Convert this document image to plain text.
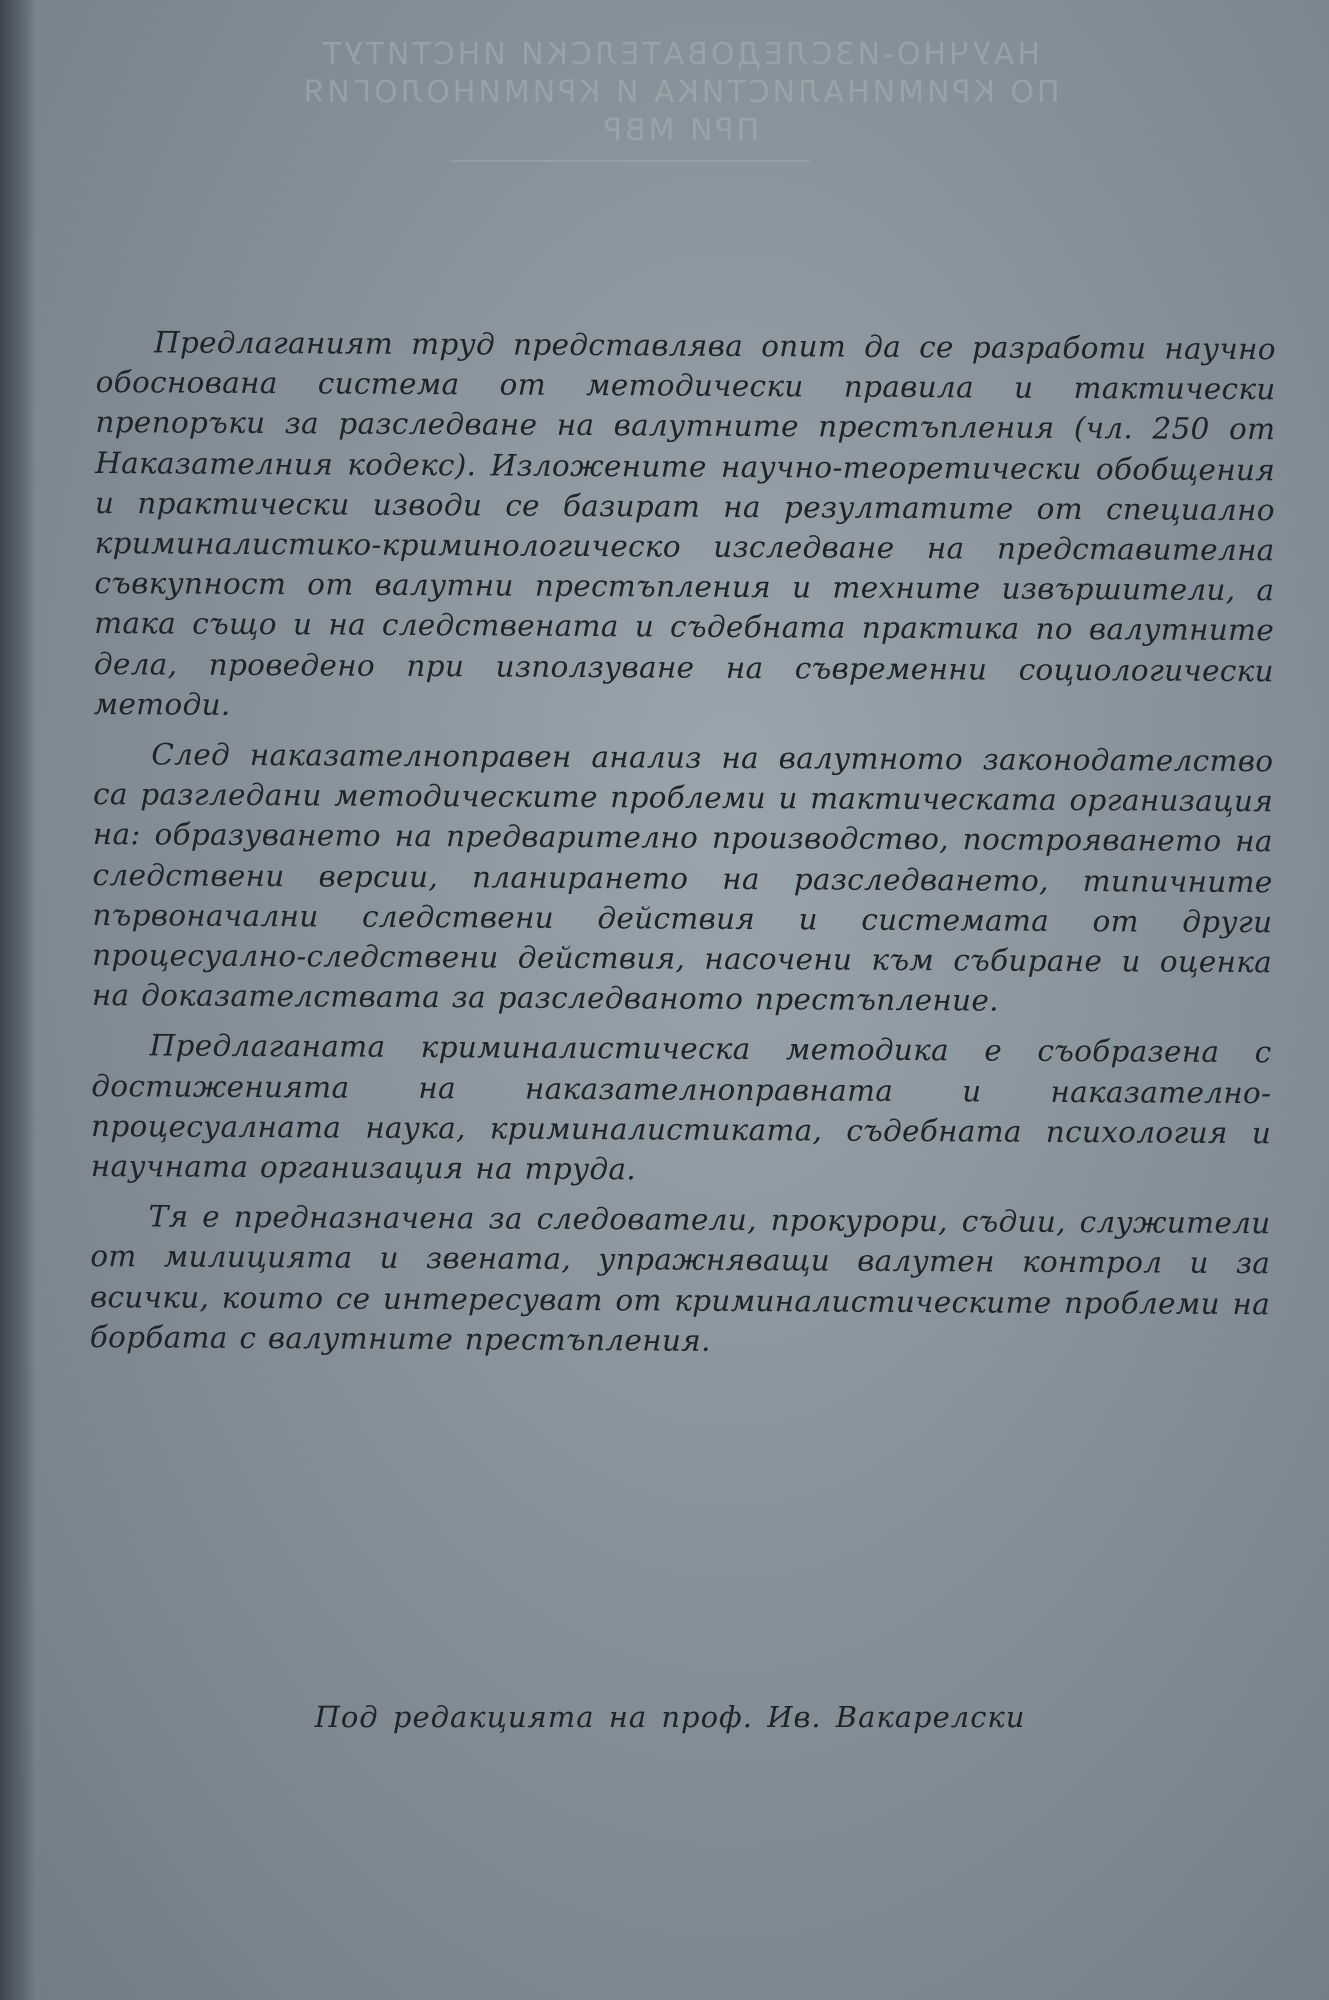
НАУЧНО-ИЗСЛЕДОВАТЕЛСКИ ИНСТИТУТ
ПО КРИМИНАЛИСТИКА И КРИМИНОЛОГИЯ
ПРИ МВР

Предлаганият труд представлява опит да се разработи научно обоснована система от методически правила и тактически препоръки за разследване на валутните престъпления (чл. 250 от Наказателния кодекс). Изложените научно-теоретически обобщения и практически изводи се базират на резултатите от специално криминалистико-криминологическо изследване на представителна съвкупност от валутни престъпления и техните извършители, а така също и на следствената и съдебната практика по валутните дела, проведено при използуване на съвременни социологически методи.

След наказателноправен анализ на валутното законодателство са разгледани методическите проблеми и тактическата организация на: образуването на предварително производство, построяването на следствени версии, планирането на разследването, типичните първоначални следствени действия и системата от други процесуално-следствени действия, насочени към събиране и оценка на доказателствата за разследваното престъпление.

Предлаганата криминалистическа методика е съобразена с достиженията на наказателноправната и наказателно-процесуалната наука, криминалистиката, съдебната психология и научната организация на труда.

Тя е предназначена за следователи, прокурори, съдии, служители от милицията и звената, упражняващи валутен контрол и за всички, които се интересуват от криминалистическите проблеми на борбата с валутните престъпления.

Под редакцията на проф. Ив. Вакарелски
